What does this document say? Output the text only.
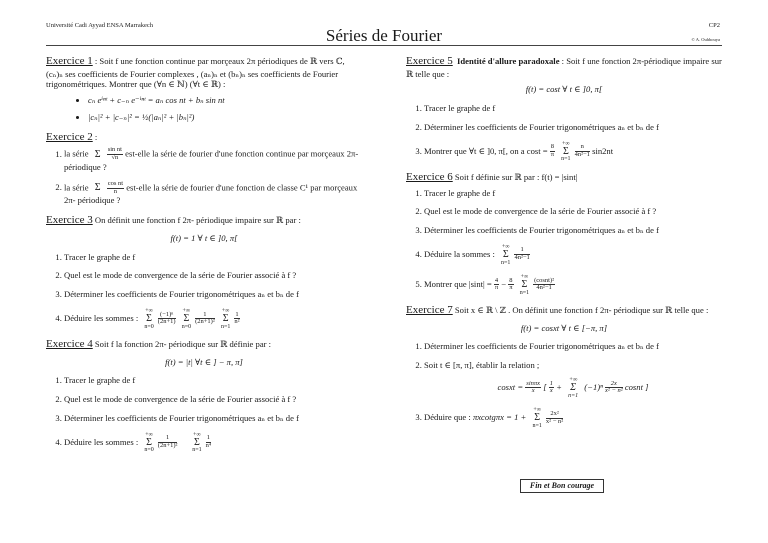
Université Cadi Ayyad ENSA Marrakech
Séries de Fourier
CP2
© A. Ouhbouya

Exercice 1 : Soit f une fonction continue par morçeaux 2π périodiques de ℝ vers ℂ, (cₙ)ₙ ses coefficients de Fourier complexes , (aₙ)ₙ et (bₙ)ₙ ses coefficients de Fourier trigonométriques. Montrer que (∀n ∈ ℕ) (∀t ∈ ℝ) :

• cₙ eⁱⁿᵗ + c₋ₙ e⁻ⁱⁿᵗ = aₙ cos nt + bₙ sin nt
• |cₙ|² + |c₋ₙ|² = ½(|aₙ|² + |bₙ|²)

Exercice 2 :

1. la série Σ $\frac{\text{sin nt}}{√n}$ est-elle la série de fourier d'une fonction continue par morçeaux 2π- périodique ?
2. la série Σ $\frac{\text{cos nt}}{n}$ est-elle la série de fourier d'une fonction de classe C¹ par morçeaux 2π- périodique ?

Exercice 3 On définit une fonction f 2π- périodique impaire sur ℝ par :

f(t) = 1 ∀ t ∈ ]0, π[
1. Tracer le graphe de f
2. Quel est le mode de convergence de la série de Fourier associé à f ?
3. Déterminer les coefficients de Fourier trigonométriques aₙ et bₙ de f
4. Déduire les sommes :
+∞
Σ
n=0
$\frac{\text{(−1)ⁿ}}{(2n+1)}$

+∞
Σ
n=0
$\frac{1}{\text{(2n+1)²}}$

+∞
Σ
n=1
$\frac{1}{\text{n²}}$

Exercice 4 Soit f la fonction 2π- périodique sur ℝ définie par :

f(t) = |t| ∀t ∈ ] − π, π]
1. Tracer le graphe de f
2. Quel est le mode de convergence de la série de Fourier associé à f ?
3. Déterminer les coefficients de Fourier trigonométriques aₙ et bₙ de f
4. Déduire les sommes :
+∞
Σ
n=0
$\frac{1}{\text{(2n+1)²}}$

+∞
Σ
n=1
$\frac{1}{\text{n⁴}}$

Exercice 5 Identité d'allure paradoxale : Soit f une fonction 2π-périodique impaire sur ℝ telle que :

f(t) = cost ∀ t ∈ ]0, π[
1. Tracer le graphe de f
2. Déterminer les coefficients de Fourier trigonométriques aₙ et bₙ de f
3. Montrer que ∀t ∈ ]0, π[, on a $\cos t = \frac{8}{\pi}$

+∞
Σ
n=1
$\frac{n}{\text{4n²−1}} \sin 2nt$

Exercice 6 Soit f définie sur ℝ par : f(t) = |sint|

1. Tracer le graphe de f
2. Quel est le mode de convergence de la série de Fourier associé à f ?
3. Déterminer les coefficients de Fourier trigonométriques aₙ et bₙ de f
4. Déduire la sommes :
+∞
Σ
n=1
$\frac{1}{\text{4n²−1}}$
5. Montrer que $|\sin t| = \frac{4}{\pi} - \frac{8}{\pi}$

+∞
Σ
n=1
$\frac{\text{(cosnt)²}}{\text{4n²−1}}$

Exercice 7 Soit x ∈ ℝ \ ℤ . On définit une fonction f 2π- périodique sur ℝ telle que :

f(t) = cosxt ∀ t ∈ [−π, π]
1. Déterminer les coefficients de Fourier trigonométriques aₙ et bₙ de f
2. Soit t ∈ [π, π], établir la relation ;
cosxt = $\frac{\sin\pi x}{x}$ [ $\frac{1}{x}$ +
+∞
Σ
n=1
$(-1)^n \frac{2x}{\text{x² − n²}}$ cosnt ]
3. Déduire que : πxcotgπx = 1 +
+∞
Σ
n=1
$\frac{\text{2x²}}{\text{x² − n²}}$
Fin et Bon courage
